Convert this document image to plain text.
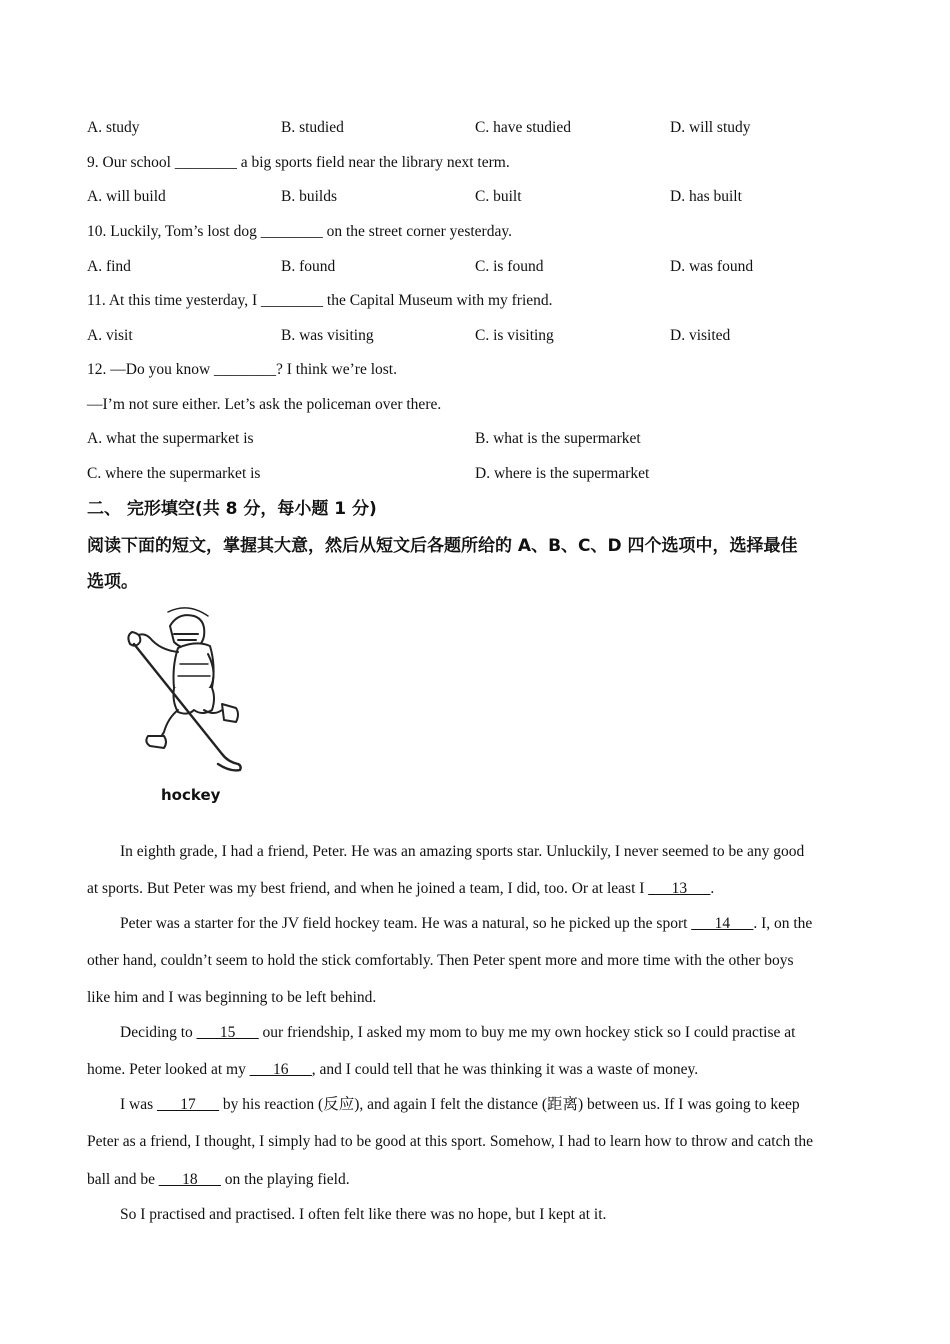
A. study	B. studied	C. have studied	D. will study
9. Our school ________ a big sports field near the library next term.
A. will build	B. builds	C. built	D. has built
10. Luckily, Tom’s lost dog ________ on the street corner yesterday.
A. find	B. found	C. is found	D. was found
11. At this time yesterday, I ________ the Capital Museum with my friend.
A. visit	B. was visiting	C. is visiting	D. visited
12. —Do you know ________? I think we’re lost.
—I’m not sure either. Let’s ask the policeman over there.
A. what the supermarket is	B. what is the supermarket
C. where the supermarket is	D. where is the supermarket
二、 完形填空(共 8 分，每小题 1 分)
阅读下面的短文，掌握其大意，然后从短文后各题所给的 A、B、C、D 四个选项中，选择最佳
选项。
hockey
In eighth grade, I had a friend, Peter. He was an amazing sports star. Unluckily, I never seemed to be any good
at sports. But Peter was my best friend, and when he joined a team, I did, too. Or at least I ___13___.
Peter was a starter for the JV field hockey team. He was a natural, so he picked up the sport ___14___. I, on the
other hand, couldn’t seem to hold the stick comfortably. Then Peter spent more and more time with the other boys
like him and I was beginning to be left behind.
Deciding to ___15___ our friendship, I asked my mom to buy me my own hockey stick so I could practise at
home. Peter looked at my ___16___, and I could tell that he was thinking it was a waste of money.
I was ___17___ by his reaction (反应), and again I felt the distance (距离) between us. If I was going to keep
Peter as a friend, I thought, I simply had to be good at this sport. Somehow, I had to learn how to throw and catch the
ball and be ___18___ on the playing field.
So I practised and practised. I often felt like there was no hope, but I kept at it.
